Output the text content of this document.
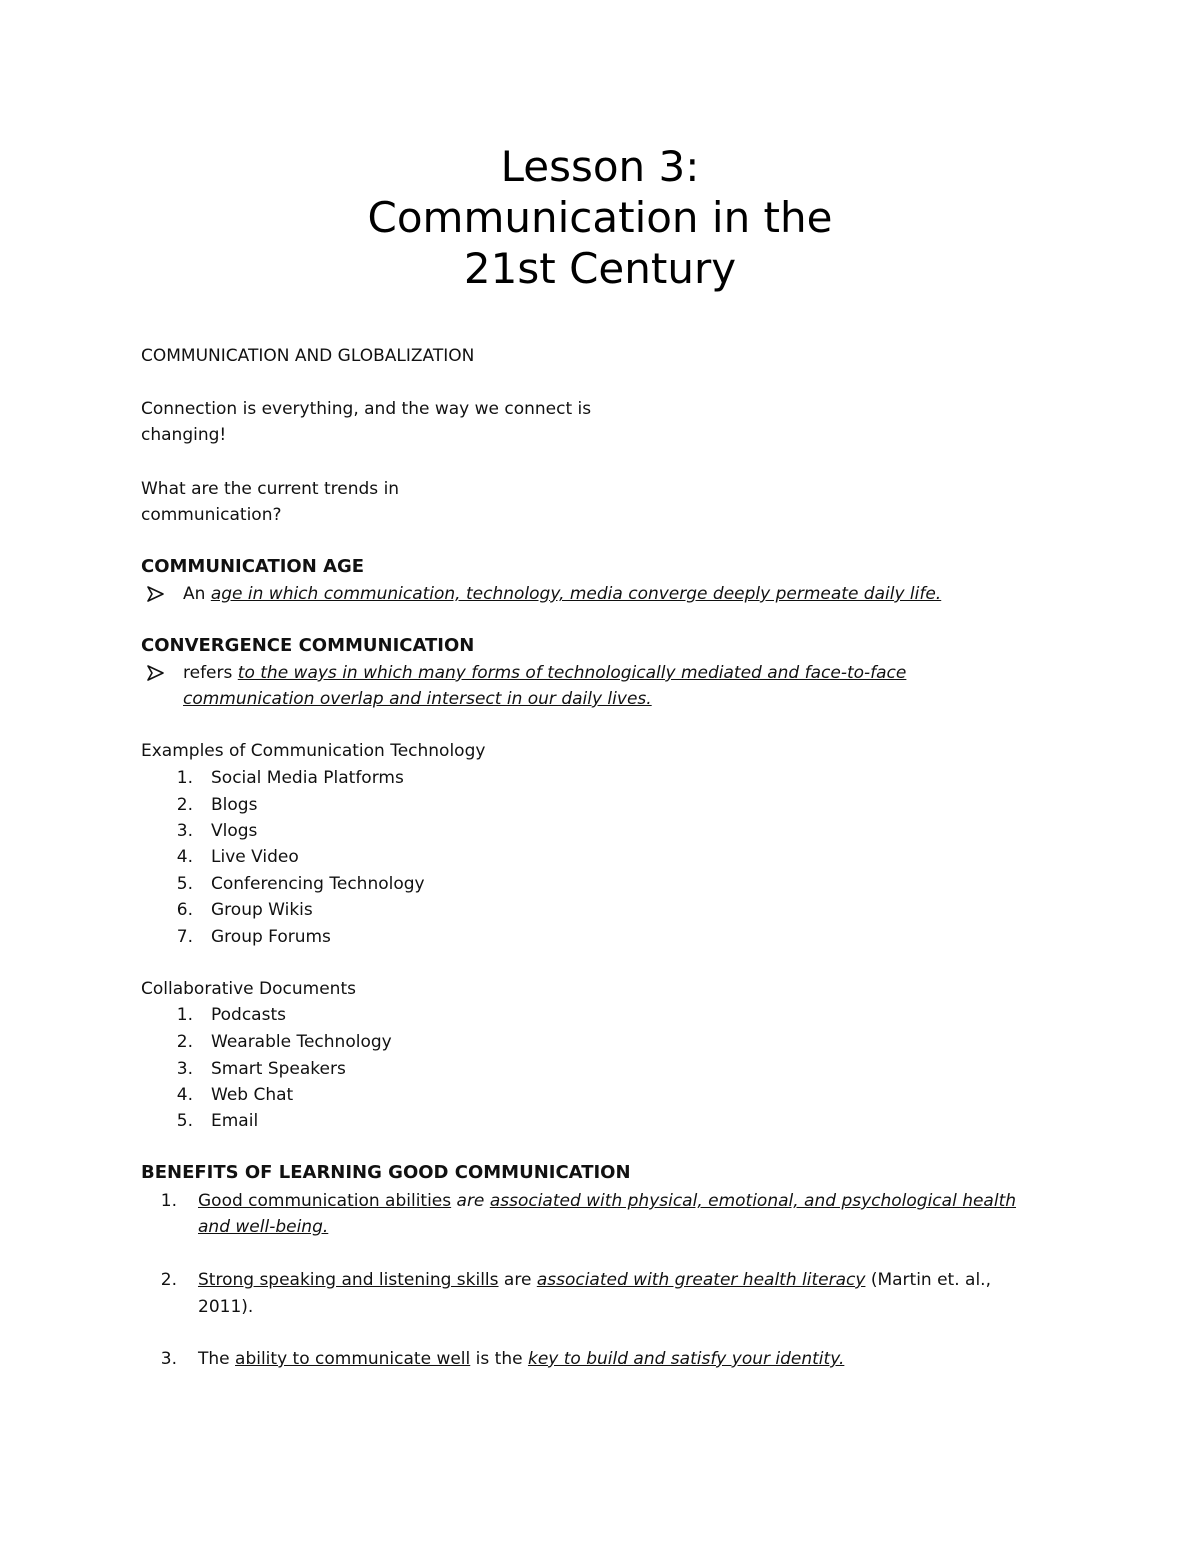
Lesson 3:
Communication in the
21st Century
COMMUNICATION AND GLOBALIZATION
Connection is everything, and the way we connect is
changing!
What are the current trends in
communication?
COMMUNICATION AGE
An age in which communication, technology, media converge deeply permeate daily life.
CONVERGENCE COMMUNICATION
refers to the ways in which many forms of technologically mediated and face-to-face
communication overlap and intersect in our daily lives.
Examples of Communication Technology
1. Social Media Platforms
2. Blogs
3. Vlogs
4. Live Video
5. Conferencing Technology
6. Group Wikis
7. Group Forums
Collaborative Documents
1. Podcasts
2. Wearable Technology
3. Smart Speakers
4. Web Chat
5. Email
BENEFITS OF LEARNING GOOD COMMUNICATION
1. Good communication abilities are associated with physical, emotional, and psychological health
and well-being.
2. Strong speaking and listening skills are associated with greater health literacy (Martin et. al.,
2011).
3. The ability to communicate well is the key to build and satisfy your identity.
